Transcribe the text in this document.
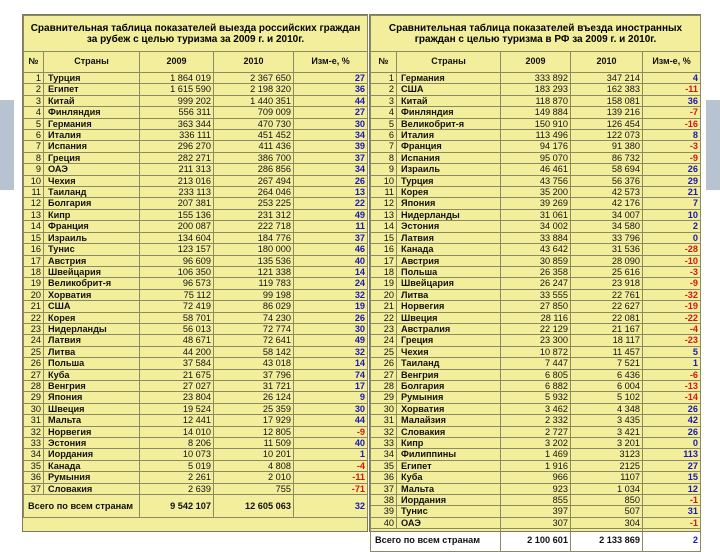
Сравнительная таблица показателей выезда российских граждан за рубеж с целью туризма за 2009 г. и 2010г.				
№	Страны	2009	2010	Изм-е, %
1	Турция	1 864 019	2 367 650	27
2	Египет	1 615 590	2 198 320	36
3	Китай	999 202	1 440 351	44
4	Финляндия	556 311	709 009	27
5	Германия	363 344	470 730	30
6	Италия	336 111	451 452	34
7	Испания	296 270	411 436	39
8	Греция	282 271	386 700	37
9	ОАЭ	211 313	286 856	34
10	Чехия	213 016	267 494	26
11	Таиланд	233 113	264 046	13
12	Болгария	207 381	253 225	22
13	Кипр	155 136	231 312	49
14	Франция	200 087	222 718	11
15	Израиль	134 604	184 776	37
16	Тунис	123 157	180 000	46
17	Австрия	96 609	135 536	40
18	Швейцария	106 350	121 338	14
19	Великобрит-я	96 573	119 783	24
20	Хорватия	75 112	99 198	32
21	США	72 419	86 029	19
22	Корея	58 701	74 230	26
23	Нидерланды	56 013	72 774	30
24	Латвия	48 671	72 641	49
25	Литва	44 200	58 142	32
26	Польша	37 584	43 018	14
27	Куба	21 675	37 796	74
28	Венгрия	27 027	31 721	17
29	Япония	23 804	26 124	9
30	Швеция	19 524	25 359	30
31	Мальта	12 441	17 929	44
32	Норвегия	14 010	12 805	-9
33	Эстония	8 206	11 509	40
34	Иордания	10 073	10 201	1
35	Канада	5 019	4 808	-4
36	Румыния	2 261	2 010	-11
37	Словакия	2 639	755	-71
Всего по всем странам		9 542 107	12 605 063	32
Сравнительная таблица показателей въезда иностранных граждан с целью туризма в РФ за 2009 г. и 2010г.				
№	Страны	2009	2010	Изм-е, %
1	Германия	333 892	347 214	4
2	США	183 293	162 383	-11
3	Китай	118 870	158 081	36
4	Финляндия	149 884	139 216	-7
5	Великобрит-я	150 910	126 454	-16
6	Италия	113 496	122 073	8
7	Франция	94 176	91 380	-3
8	Испания	95 070	86 732	-9
9	Израиль	46 461	58 694	26
10	Турция	43 756	56 376	29
11	Корея	35 200	42 573	21
12	Япония	39 269	42 176	7
13	Нидерланды	31 061	34 007	10
14	Эстония	34 002	34 580	2
15	Латвия	33 884	33 796	0
16	Канада	43 642	31 536	-28
17	Австрия	30 859	28 090	-10
18	Польша	26 358	25 616	-3
19	Швейцария	26 247	23 918	-9
20	Литва	33 555	22 761	-32
21	Норвегия	27 850	22 627	-19
22	Швеция	28 116	22 081	-22
23	Австралия	22 129	21 167	-4
24	Греция	23 300	18 117	-23
25	Чехия	10 872	11 457	5
26	Таиланд	7 447	7 521	1
27	Венгрия	6 805	6 436	-6
28	Болгария	6 882	6 004	-13
29	Румыния	5 932	5 102	-14
30	Хорватия	3 462	4 348	26
31	Малайзия	2 332	3 435	42
32	Словакия	2 727	3 421	26
33	Кипр	3 202	3 201	0
34	Филиппины	1 469	3123	113
35	Египет	1 916	2125	27
36	Куба	966	1107	15
37	Мальта	923	1 034	12
38	Иордания	855	850	-1
39	Тунис	397	507	31
40	ОАЭ	307	304	-1
Всего по всем странам		2 100 601	2 133 869	2
